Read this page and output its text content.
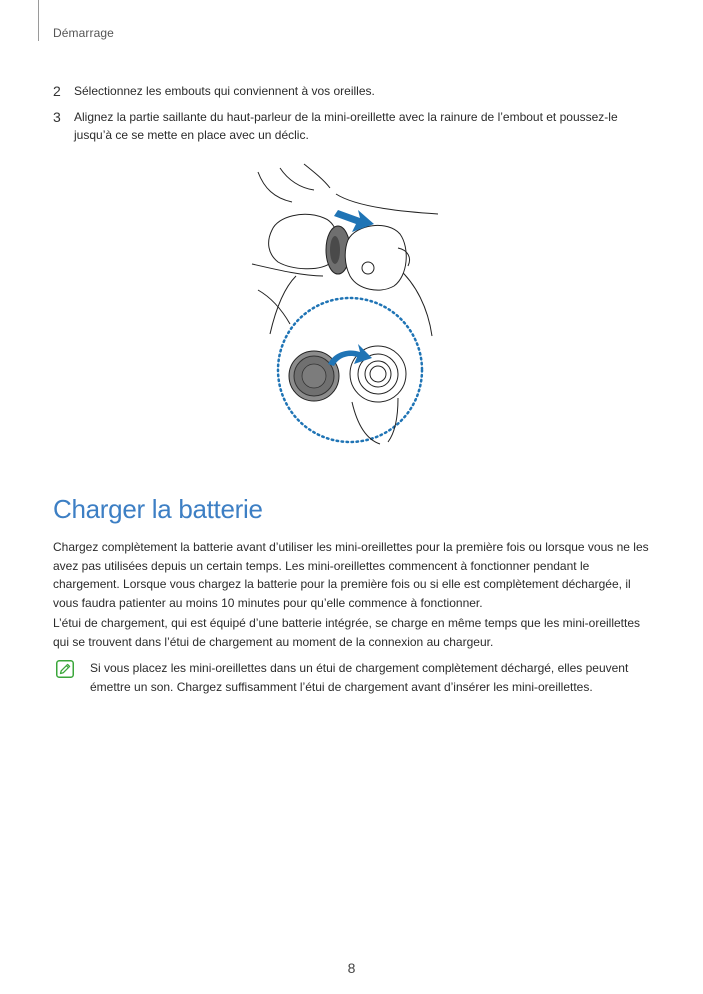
Démarrage
2 Sélectionnez les embouts qui conviennent à vos oreilles.
3 Alignez la partie saillante du haut-parleur de la mini-oreillette avec la rainure de l’embout et poussez-le jusqu’à ce se mette en place avec un déclic.
Charger la batterie

Chargez complètement la batterie avant d’utiliser les mini-oreillettes pour la première fois ou lorsque vous ne les avez pas utilisées depuis un certain temps. Les mini-oreillettes commencent à fonctionner pendant le chargement. Lorsque vous chargez la batterie pour la première fois ou si elle est complètement déchargée, il vous faudra patienter au moins 10 minutes pour qu’elle commence à fonctionner.

L’étui de chargement, qui est équipé d’une batterie intégrée, se charge en même temps que les mini-oreillettes qui se trouvent dans l’étui de chargement au moment de la connexion au chargeur.

Si vous placez les mini-oreillettes dans un étui de chargement complètement déchargé, elles peuvent émettre un son. Chargez suffisamment l’étui de chargement avant d’insérer les mini-oreillettes.

8
